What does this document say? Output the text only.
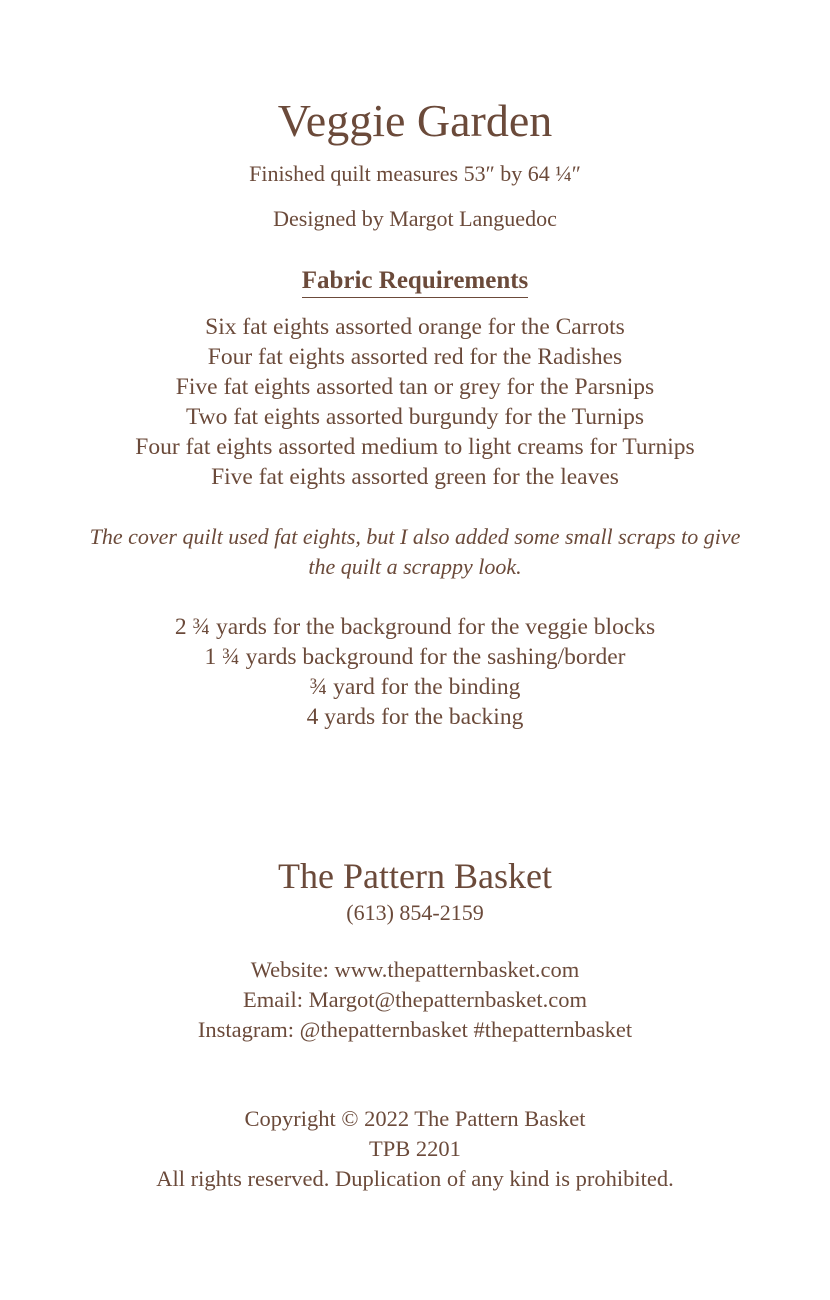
Veggie Garden
Finished quilt measures 53″ by 64 ¼″
Designed by Margot Languedoc
Fabric Requirements
Six fat eights assorted orange for the Carrots
Four fat eights assorted red for the Radishes
Five fat eights assorted tan or grey for the Parsnips
Two fat eights assorted burgundy for the Turnips
Four fat eights assorted medium to light creams for Turnips
Five fat eights assorted green for the leaves
The cover quilt used fat eights, but I also added some small scraps to give
the quilt a scrappy look.
2 ¾ yards for the background for the veggie blocks
1 ¾ yards background for the sashing/border
¾ yard for the binding
4 yards for the backing
The Pattern Basket
(613) 854-2159
Website: www.thepatternbasket.com
Email: Margot@thepatternbasket.com
Instagram: @thepatternbasket #thepatternbasket
Copyright © 2022 The Pattern Basket
TPB 2201
All rights reserved. Duplication of any kind is prohibited.
